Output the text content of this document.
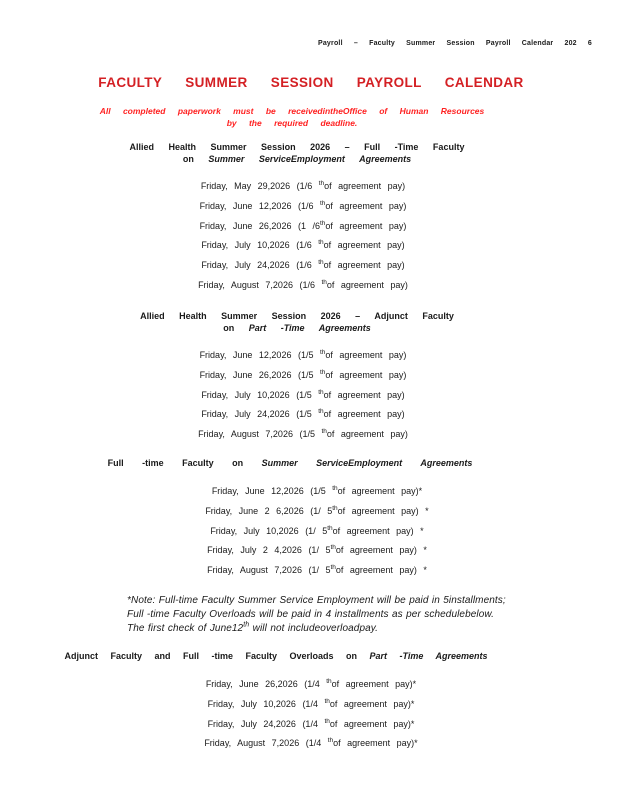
Payroll – Faculty Summer Session Payroll Calendar 202 6
FACULTY SUMMER SESSION PAYROLL CALENDAR
All completed paperwork must be receivedintheOffice of Human Resources
by the required deadline.
Allied Health Summer Session 2026 – Full -Time Faculty
on Summer ServiceEmployment Agreements
Friday, May 29,2026 (1/6 $^{th}$of agreement pay)
Friday, June 12,2026 (1/6 $^{th}$of agreement pay)
Friday, June 26,2026 (1 /6thof agreement pay)
Friday, July 10,2026 (1/6 $^{th}$of agreement pay)
Friday, July 24,2026 (1/6 $^{th}$of agreement pay)
Friday, August 7,2026 (1/6 $^{th}$of agreement pay)
Allied Health Summer Session 2026 – Adjunct Faculty
on Part -Time Agreements
Friday, June 12,2026 (1/5 $^{th}$of agreement pay)
Friday, June 26,2026 (1/5 $^{th}$of agreement pay)
Friday, July 10,2026 (1/5 $^{th}$of agreement pay)
Friday, July 24,2026 (1/5 $^{th}$of agreement pay)
Friday, August 7,2026 (1/5 $^{th}$of agreement pay)
Full -time Faculty on Summer ServiceEmployment Agreements
Friday, June 12,2026 (1/5 $^{th}$of agreement pay)*
Friday, June 2 6,2026 (1/ 5thof agreement pay) *
Friday, July 10,2026 (1/ 5thof agreement pay) *
Friday, July 2 4,2026 (1/ 5thof agreement pay) *
Friday, August 7,2026 (1/ 5thof agreement pay) *
Adjunct Faculty and Full -time Faculty Overloads on Part -Time Agreements
Friday, June 26,2026 (1/4 $^{th}$of agreement pay)*
Friday, July 10,2026 (1/4 $^{th}$of agreement pay)*
Friday, July 24,2026 (1/4 $^{th}$of agreement pay)*
Friday, August 7,2026 (1/4 $^{th}$of agreement pay)*
*Note: Full-time Faculty Summer Service Employment will be paid in 5installments;
Full -time Faculty Overloads will be paid in 4 installments as per schedulebelow.
The first check of June12th will not includeoverloadpay.
